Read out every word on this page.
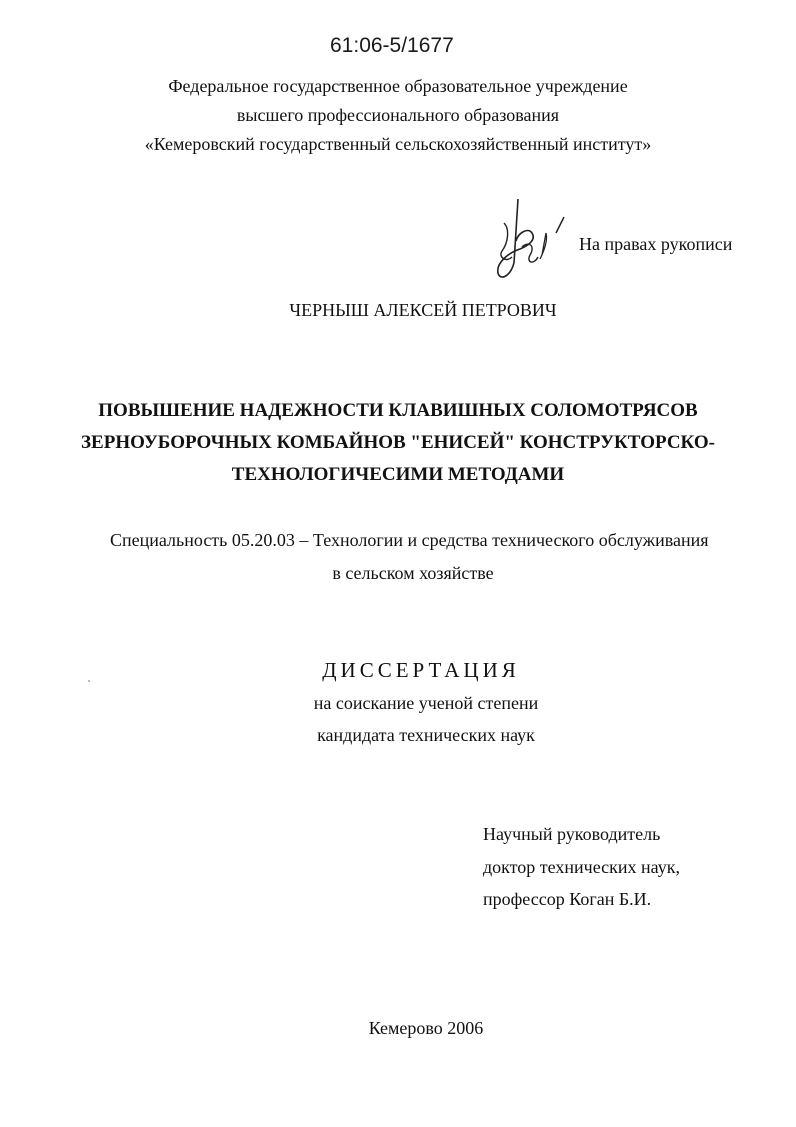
61:06-5/1677
Федеральное государственное образовательное учреждение
высшего профессионального образования
«Кемеровский государственный сельскохозяйственный институт»
На правах рукописи
ЧЕРНЫШ АЛЕКСЕЙ ПЕТРОВИЧ
ПОВЫШЕНИЕ НАДЕЖНОСТИ КЛАВИШНЫХ СОЛОМОТРЯСОВ
ЗЕРНОУБОРОЧНЫХ КОМБАЙНОВ "ЕНИСЕЙ" КОНСТРУКТОРСКО-
ТЕХНОЛОГИЧЕСИМИ МЕТОДАМИ
Специальность 05.20.03 – Технологии и средства технического обслуживания
в сельском хозяйстве
ДИССЕРТАЦИЯ
на соискание ученой степени
кандидата технических наук
Научный руководитель
доктор технических наук,
профессор Коган Б.И.
Кемерово 2006
